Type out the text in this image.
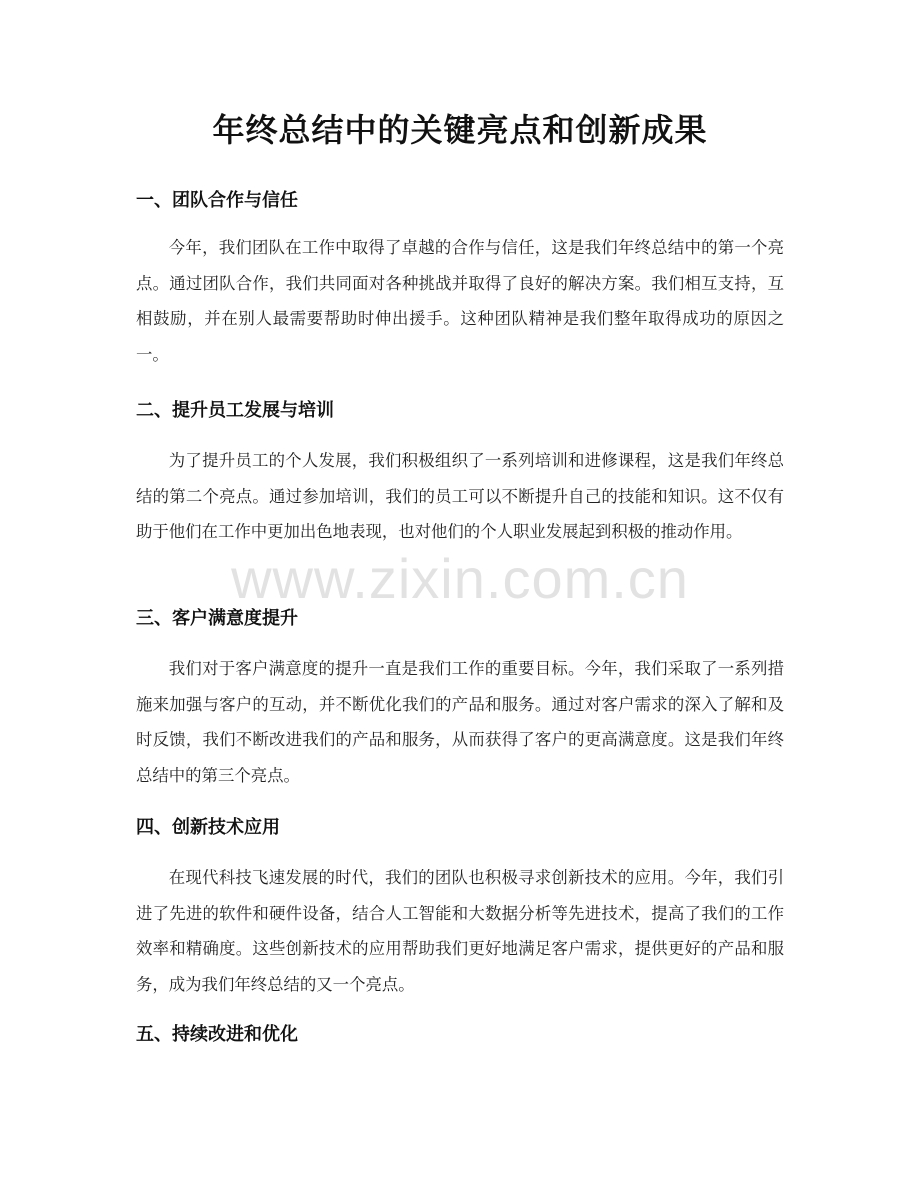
年终总结中的关键亮点和创新成果
一、团队合作与信任
今年，我们团队在工作中取得了卓越的合作与信任，这是我们年终总结中的第一个亮点。通过团队合作，我们共同面对各种挑战并取得了良好的解决方案。我们相互支持，互相鼓励，并在别人最需要帮助时伸出援手。这种团队精神是我们整年取得成功的原因之一。
二、提升员工发展与培训
为了提升员工的个人发展，我们积极组织了一系列培训和进修课程，这是我们年终总结的第二个亮点。通过参加培训，我们的员工可以不断提升自己的技能和知识。这不仅有助于他们在工作中更加出色地表现，也对他们的个人职业发展起到积极的推动作用。
三、客户满意度提升
我们对于客户满意度的提升一直是我们工作的重要目标。今年，我们采取了一系列措施来加强与客户的互动，并不断优化我们的产品和服务。通过对客户需求的深入了解和及时反馈，我们不断改进我们的产品和服务，从而获得了客户的更高满意度。这是我们年终总结中的第三个亮点。
四、创新技术应用
在现代科技飞速发展的时代，我们的团队也积极寻求创新技术的应用。今年，我们引进了先进的软件和硬件设备，结合人工智能和大数据分析等先进技术，提高了我们的工作效率和精确度。这些创新技术的应用帮助我们更好地满足客户需求，提供更好的产品和服务，成为我们年终总结的又一个亮点。
五、持续改进和优化
www.zixin.com.cn
